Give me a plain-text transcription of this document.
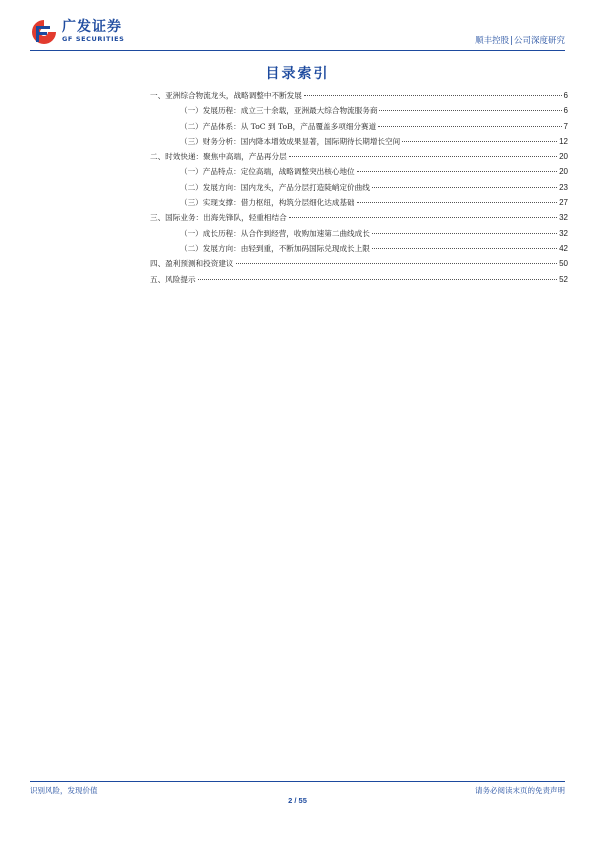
广发证券
GF SECURITIES	顺丰控股|公司深度研究
目录索引
一、亚洲综合物流龙头，战略调整中不断发展	6
（一）发展历程：成立三十余载，亚洲最大综合物流服务商	6
（二）产品体系：从 ToC 到 ToB，产品覆盖多项细分赛道	7
（三）财务分析：国内降本增效成果显著，国际期待长期增长空间	12
二、时效快递：聚焦中高端，产品再分层	20
（一）产品特点：定位高端，战略调整突出核心地位	20
（二）发展方向：国内龙头，产品分层打造陡峭定价曲线	23
（三）实现支撑：借力枢纽，构筑分层细化达成基础	27
三、国际业务：出海先锋队，轻重相结合	32
（一）成长历程：从合作到经营，收购加速第二曲线成长	32
（二）发展方向：由轻到重，不断加码国际兑现成长上限	42
四、盈利预测和投资建议	50
五、风险提示	52
识别风险，发现价值	请务必阅读末页的免责声明
2 / 55
